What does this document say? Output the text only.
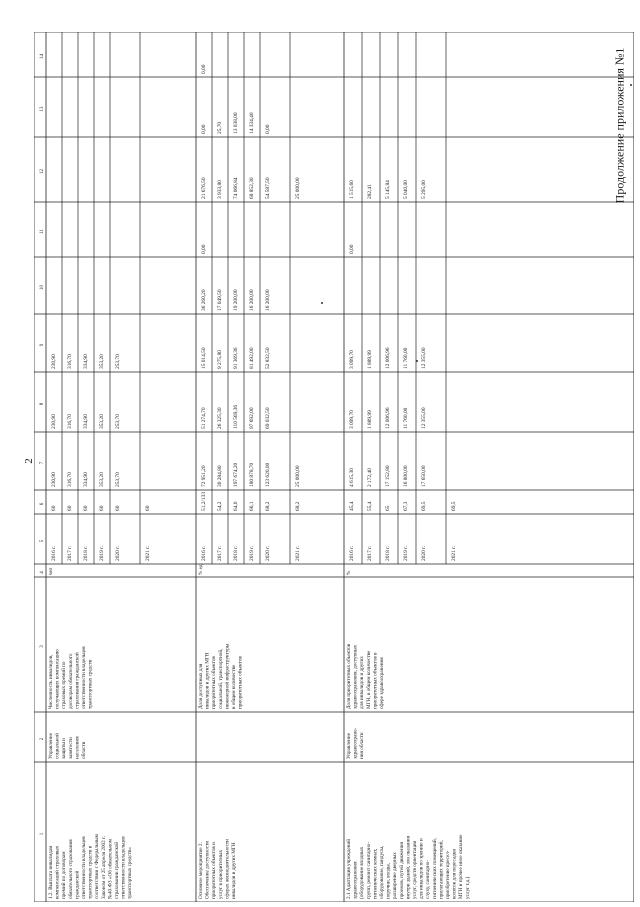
2
Продолжение приложения №1
1
2
3
4
5
6
7
8
9
10
11
12
13
14
1.2. Выплата инвалидам компенсаций страховых премий по договорам обязательного страхования гражданской ответственности владельцев транспортных средств в соответствии с Федеральным Законом от 25 апреля 2002 г. №40-ФЗ «Об обязательном страховании гражданской ответственности владельцев транспортных средств»
Управление социальной защиты и занятости населения области
Численность инвалидов, получающих компенсацию страховых премий по договорам обязательного страхования гражданской ответственности владельцев транспортных средств
чел
2016 г.
60
230,90
230,90
230,90
2017 г.
60
316,70
316,70
316,70
2018 г.
60
334,90
334,90
334,90
2019 г.
60
353,20
353,20
353,20
2020 г.
60
253,70
253,70
253,70
2021 г.
60
Основное мероприятие 2. Обеспечение доступности приоритетных объектов и услуг в приоритетных сферах жизнедеятельности инвалидов и других МГН
Доля доступных для инвалидов и других МГН приоритетных объектов социальной, транспортной, инженерной инфраструктуры в общем количестве приоритетных объектов
% ед.
2016 г.
51,2/133
72 951,20
51 274,70
15 014,50
36 260,20
0,00
21 676,50
0,00
0,00
2017 г.
54,2
30 284,80
26 325,30
9 275,80
17 049,50
3 933,80
25,70
2018 г.
64,0
197 674,20
110 569,36
91 369,36
19 200,00
74 066,84
13 038,00
2019 г.
66,1
180 878,70
97 692,00
81 492,00
16 200,00
68 852,30
14 334,40
2020 г.
68,2
123 620,00
69 032,50
52 832,50
16 200,00
54 587,50
0,00
2021 г.
68,2
25 000,00
25 000,00
2.1 Адаптация учреждений здравоохранения (оборудование входных групп, ремонт санитарно- гигиенических комнат, оборудование, пандусы, поручни, входы, расширение дверных проемов, путей движения внутри зданий, зон оказания услуг, средств ориентации для инвалидов по зрению и слуху, санитарно- гигиенических помещений, прилегающих территорий, приобретение кресел- колясок для пересадки МГН и прочее иное оказание услуг т.д.)
Управление здравоохране- ния области
Доля приоритетных объектов здравоохранения, доступных для инвалидов и других МГН, в общем количестве приоритетных объектов в сфере здравоохранения
%
2016 г.
45,4
4 615,30
3 099,70
3 099,70
0,00
1 515,60
2017 г.
55,4
2 172,40
1 889,99
1 889,99
282,41
2018 г.
65
17 152,80
12 006,96
12 006,96
5 145,84
2019 г.
67,3
16 800,00
11 760,00
11 760,00
5 040,00
2020 г.
69,5
17 650,00
12 355,00
12 355,00
5 295,00
2021 г.
69,5
